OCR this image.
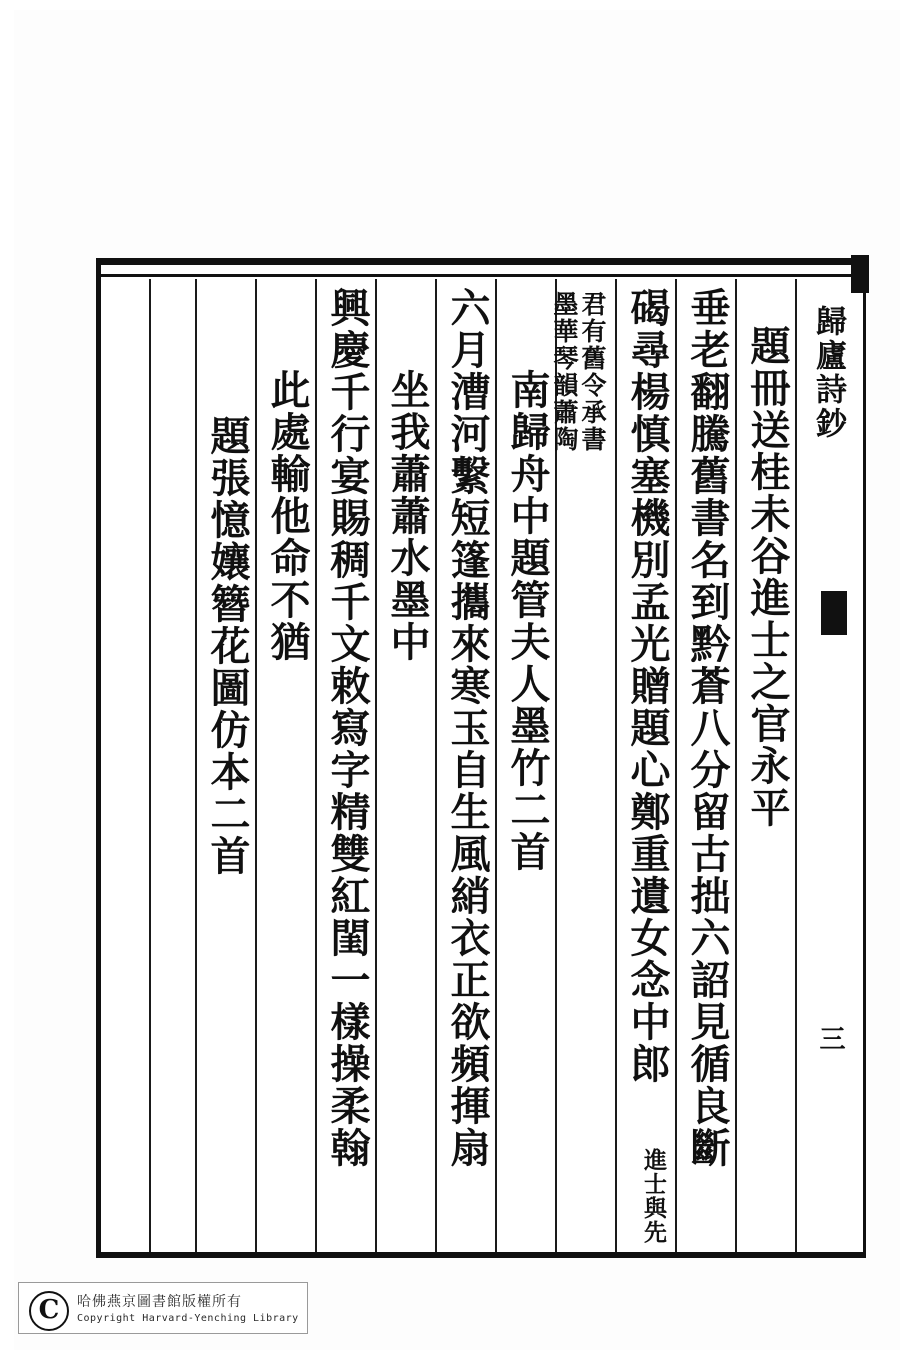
題冊送桂未谷進士之官永平
垂老翻騰舊書名到黔蒼八分留古拙六詔見循良斷
碣尋楊慎塞機別孟光贈題心鄭重遺女念中郎
進士與先
君有舊令承書
墨華琴韻蕭陶
南歸舟中題管夫人墨竹二首
六月漕河繫短篷攜來寒玉自生風綃衣正欲頻揮扇
坐我蕭蕭水墨中
興慶千行宴賜稠千文敕寫字精雙紅閨一樣操柔翰
此處輸他命不猶
題張憶孃簪花圖仿本二首
歸廬詩鈔
三
C	哈佛燕京圖書館版權所有
Copyright Harvard-Yenching Library
